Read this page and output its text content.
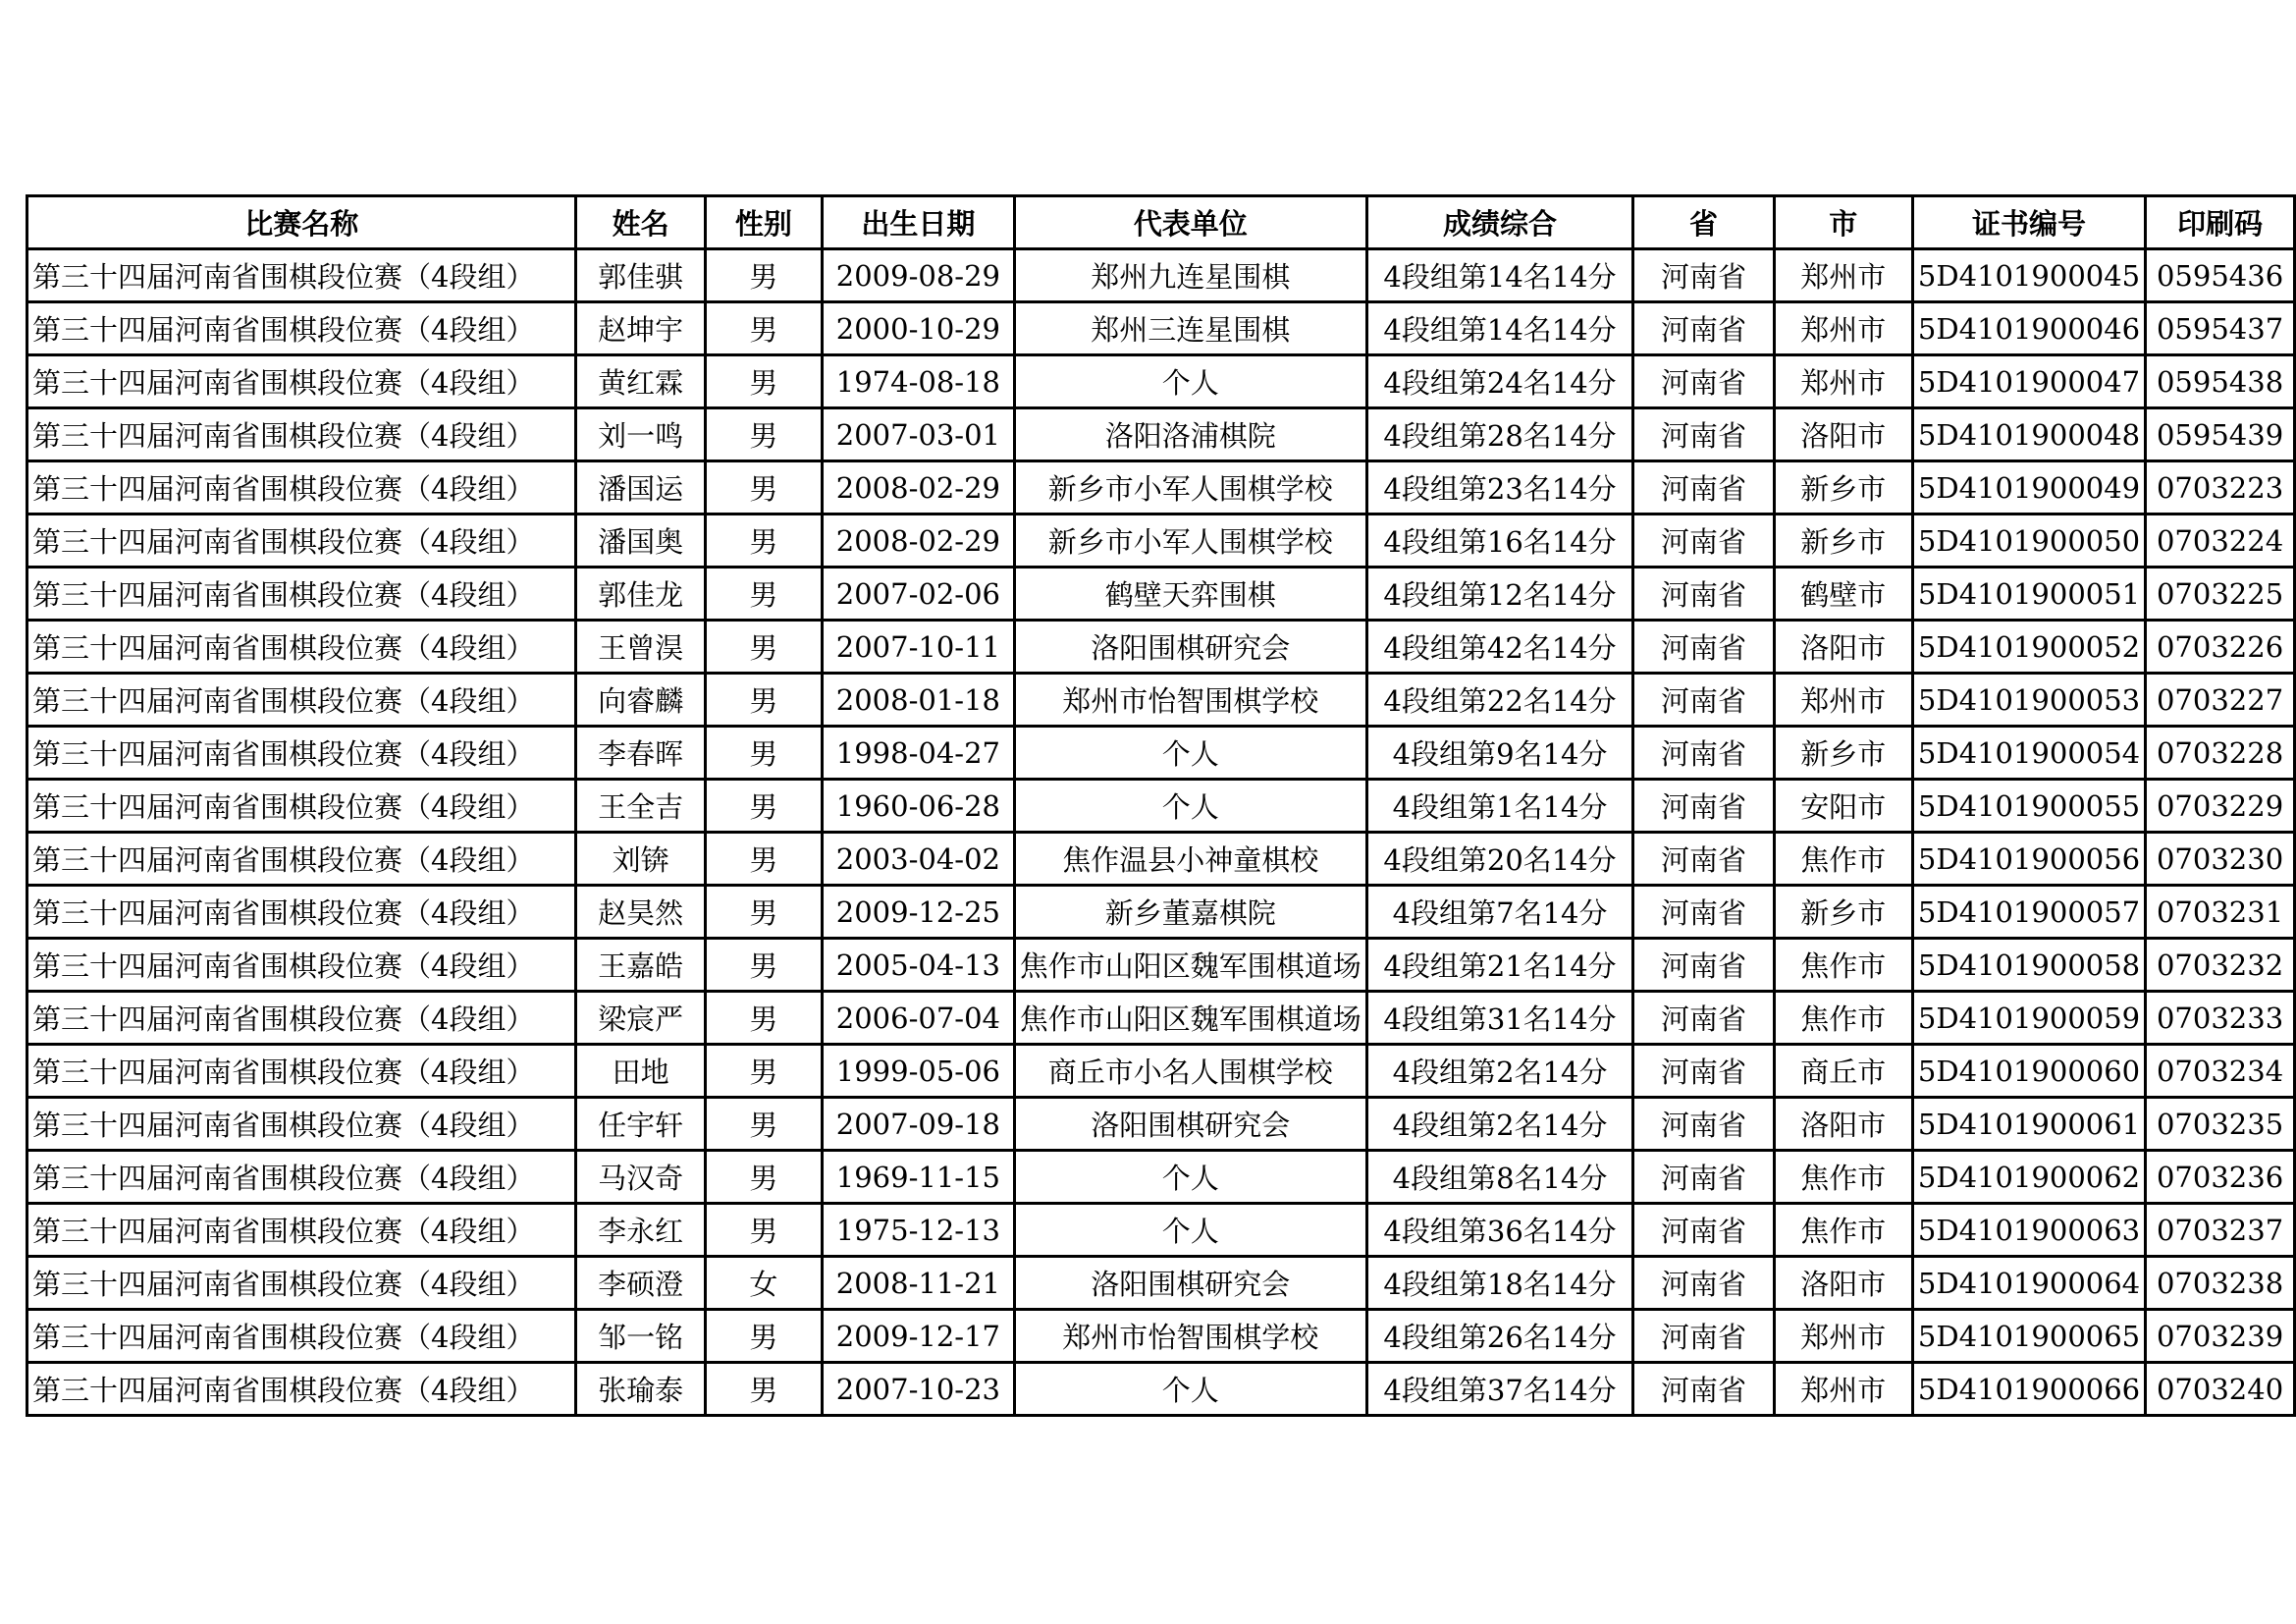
比赛名称	姓名	性别	出生日期	代表单位	成绩综合	省	市	证书编号	印刷码
第三十四届河南省围棋段位赛（4段组）	郭佳骐	男	2009-08-29	郑州九连星围棋	4段组第14名14分	河南省	郑州市	5D4101900045	0595436
第三十四届河南省围棋段位赛（4段组）	赵坤宇	男	2000-10-29	郑州三连星围棋	4段组第14名14分	河南省	郑州市	5D4101900046	0595437
第三十四届河南省围棋段位赛（4段组）	黄红霖	男	1974-08-18	个人	4段组第24名14分	河南省	郑州市	5D4101900047	0595438
第三十四届河南省围棋段位赛（4段组）	刘一鸣	男	2007-03-01	洛阳洛浦棋院	4段组第28名14分	河南省	洛阳市	5D4101900048	0595439
第三十四届河南省围棋段位赛（4段组）	潘国运	男	2008-02-29	新乡市小军人围棋学校	4段组第23名14分	河南省	新乡市	5D4101900049	0703223
第三十四届河南省围棋段位赛（4段组）	潘国奥	男	2008-02-29	新乡市小军人围棋学校	4段组第16名14分	河南省	新乡市	5D4101900050	0703224
第三十四届河南省围棋段位赛（4段组）	郭佳龙	男	2007-02-06	鹤壁天弈围棋	4段组第12名14分	河南省	鹤壁市	5D4101900051	0703225
第三十四届河南省围棋段位赛（4段组）	王曾淏	男	2007-10-11	洛阳围棋研究会	4段组第42名14分	河南省	洛阳市	5D4101900052	0703226
第三十四届河南省围棋段位赛（4段组）	向睿麟	男	2008-01-18	郑州市怡智围棋学校	4段组第22名14分	河南省	郑州市	5D4101900053	0703227
第三十四届河南省围棋段位赛（4段组）	李春晖	男	1998-04-27	个人	4段组第9名14分	河南省	新乡市	5D4101900054	0703228
第三十四届河南省围棋段位赛（4段组）	王全吉	男	1960-06-28	个人	4段组第1名14分	河南省	安阳市	5D4101900055	0703229
第三十四届河南省围棋段位赛（4段组）	刘锛	男	2003-04-02	焦作温县小神童棋校	4段组第20名14分	河南省	焦作市	5D4101900056	0703230
第三十四届河南省围棋段位赛（4段组）	赵昊然	男	2009-12-25	新乡董嘉棋院	4段组第7名14分	河南省	新乡市	5D4101900057	0703231
第三十四届河南省围棋段位赛（4段组）	王嘉皓	男	2005-04-13	焦作市山阳区魏军围棋道场	4段组第21名14分	河南省	焦作市	5D4101900058	0703232
第三十四届河南省围棋段位赛（4段组）	梁宸严	男	2006-07-04	焦作市山阳区魏军围棋道场	4段组第31名14分	河南省	焦作市	5D4101900059	0703233
第三十四届河南省围棋段位赛（4段组）	田地	男	1999-05-06	商丘市小名人围棋学校	4段组第2名14分	河南省	商丘市	5D4101900060	0703234
第三十四届河南省围棋段位赛（4段组）	任宇轩	男	2007-09-18	洛阳围棋研究会	4段组第2名14分	河南省	洛阳市	5D4101900061	0703235
第三十四届河南省围棋段位赛（4段组）	马汉奇	男	1969-11-15	个人	4段组第8名14分	河南省	焦作市	5D4101900062	0703236
第三十四届河南省围棋段位赛（4段组）	李永红	男	1975-12-13	个人	4段组第36名14分	河南省	焦作市	5D4101900063	0703237
第三十四届河南省围棋段位赛（4段组）	李硕澄	女	2008-11-21	洛阳围棋研究会	4段组第18名14分	河南省	洛阳市	5D4101900064	0703238
第三十四届河南省围棋段位赛（4段组）	邹一铭	男	2009-12-17	郑州市怡智围棋学校	4段组第26名14分	河南省	郑州市	5D4101900065	0703239
第三十四届河南省围棋段位赛（4段组）	张瑜泰	男	2007-10-23	个人	4段组第37名14分	河南省	郑州市	5D4101900066	0703240
